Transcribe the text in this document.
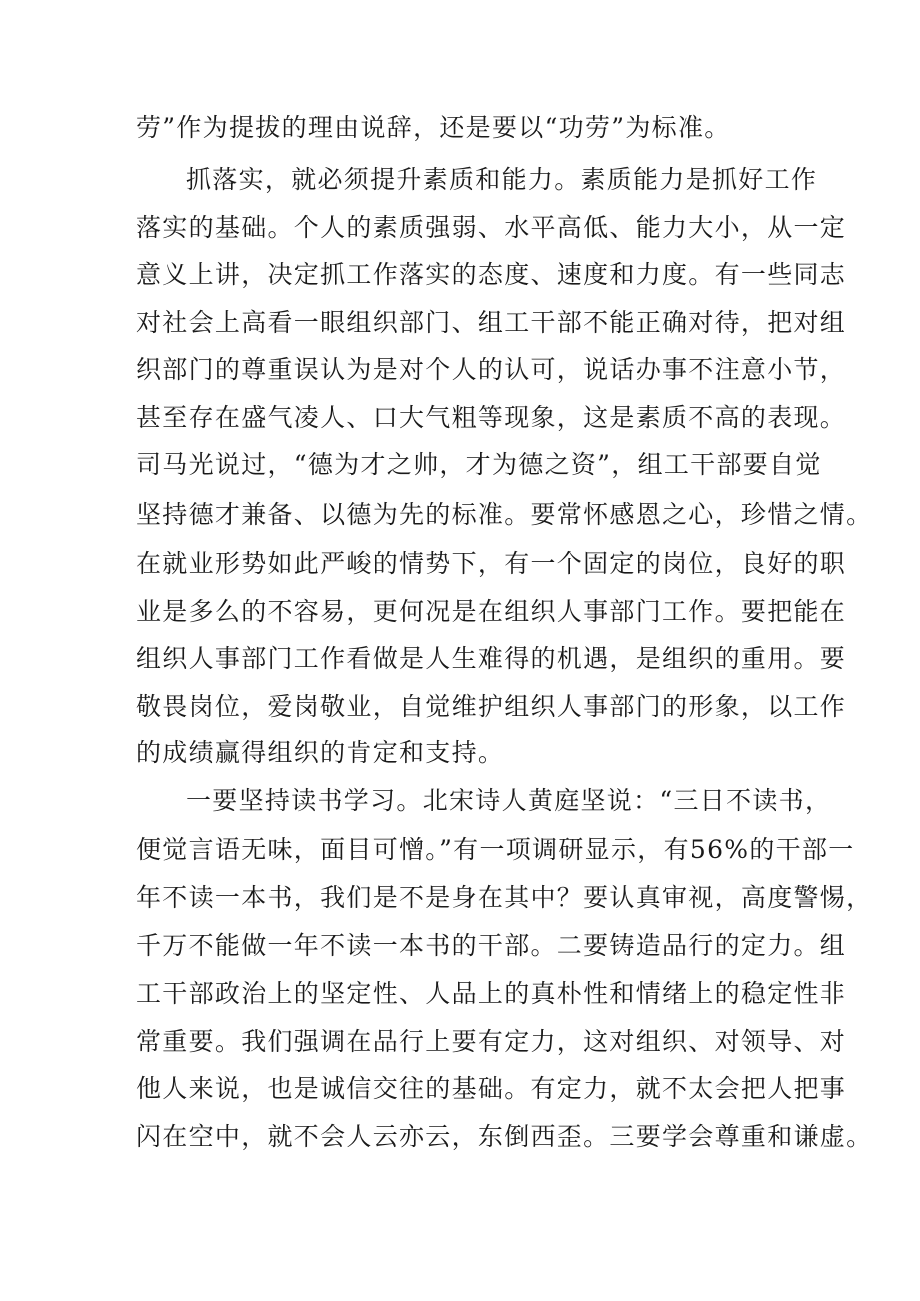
劳”作为提拔的理由说辞，还是要以“功劳”为标准。

抓落实，就必须提升素质和能力。素质能力是抓好工作

落实的基础。个人的素质强弱、水平高低、能力大小，从一定

意义上讲，决定抓工作落实的态度、速度和力度。有一些同志

对社会上高看一眼组织部门、组工干部不能正确对待，把对组

织部门的尊重误认为是对个人的认可，说话办事不注意小节，

甚至存在盛气凌人、口大气粗等现象，这是素质不高的表现。

司马光说过，“德为才之帅，才为德之资”，组工干部要自觉

坚持德才兼备、以德为先的标准。要常怀感恩之心，珍惜之情。

在就业形势如此严峻的情势下，有一个固定的岗位，良好的职

业是多么的不容易，更何况是在组织人事部门工作。要把能在

组织人事部门工作看做是人生难得的机遇，是组织的重用。要

敬畏岗位，爱岗敬业，自觉维护组织人事部门的形象，以工作

的成绩赢得组织的肯定和支持。

一要坚持读书学习。北宋诗人黄庭坚说：“三日不读书，

便觉言语无味，面目可憎。”有一项调研显示，有56%的干部一

年不读一本书，我们是不是身在其中？要认真审视，高度警惕，

千万不能做一年不读一本书的干部。二要铸造品行的定力。组

工干部政治上的坚定性、人品上的真朴性和情绪上的稳定性非

常重要。我们强调在品行上要有定力，这对组织、对领导、对

他人来说，也是诚信交往的基础。有定力，就不太会把人把事

闪在空中，就不会人云亦云，东倒西歪。三要学会尊重和谦虚。
